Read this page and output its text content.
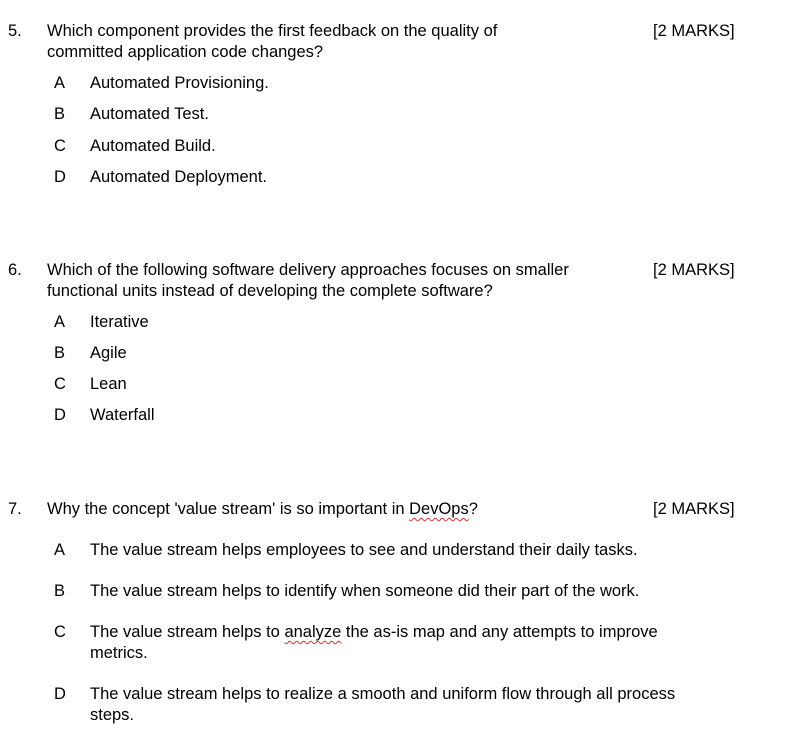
5. Which component provides the first feedback on the quality of
committed application code changes?
[2 MARKS]
A Automated Provisioning.
B Automated Test.
C Automated Build.
D Automated Deployment.
6. Which of the following software delivery approaches focuses on smaller
functional units instead of developing the complete software?
[2 MARKS]
A Iterative
B Agile
C Lean
D Waterfall
7. Why the concept 'value stream' is so important in DevOps?	[2 MARKS]
A The value stream helps employees to see and understand their daily tasks.
B The value stream helps to identify when someone did their part of the work.
C The value stream helps to analyze the as-is map and any attempts to improve
metrics.
D The value stream helps to realize a smooth and uniform flow through all process
steps.
